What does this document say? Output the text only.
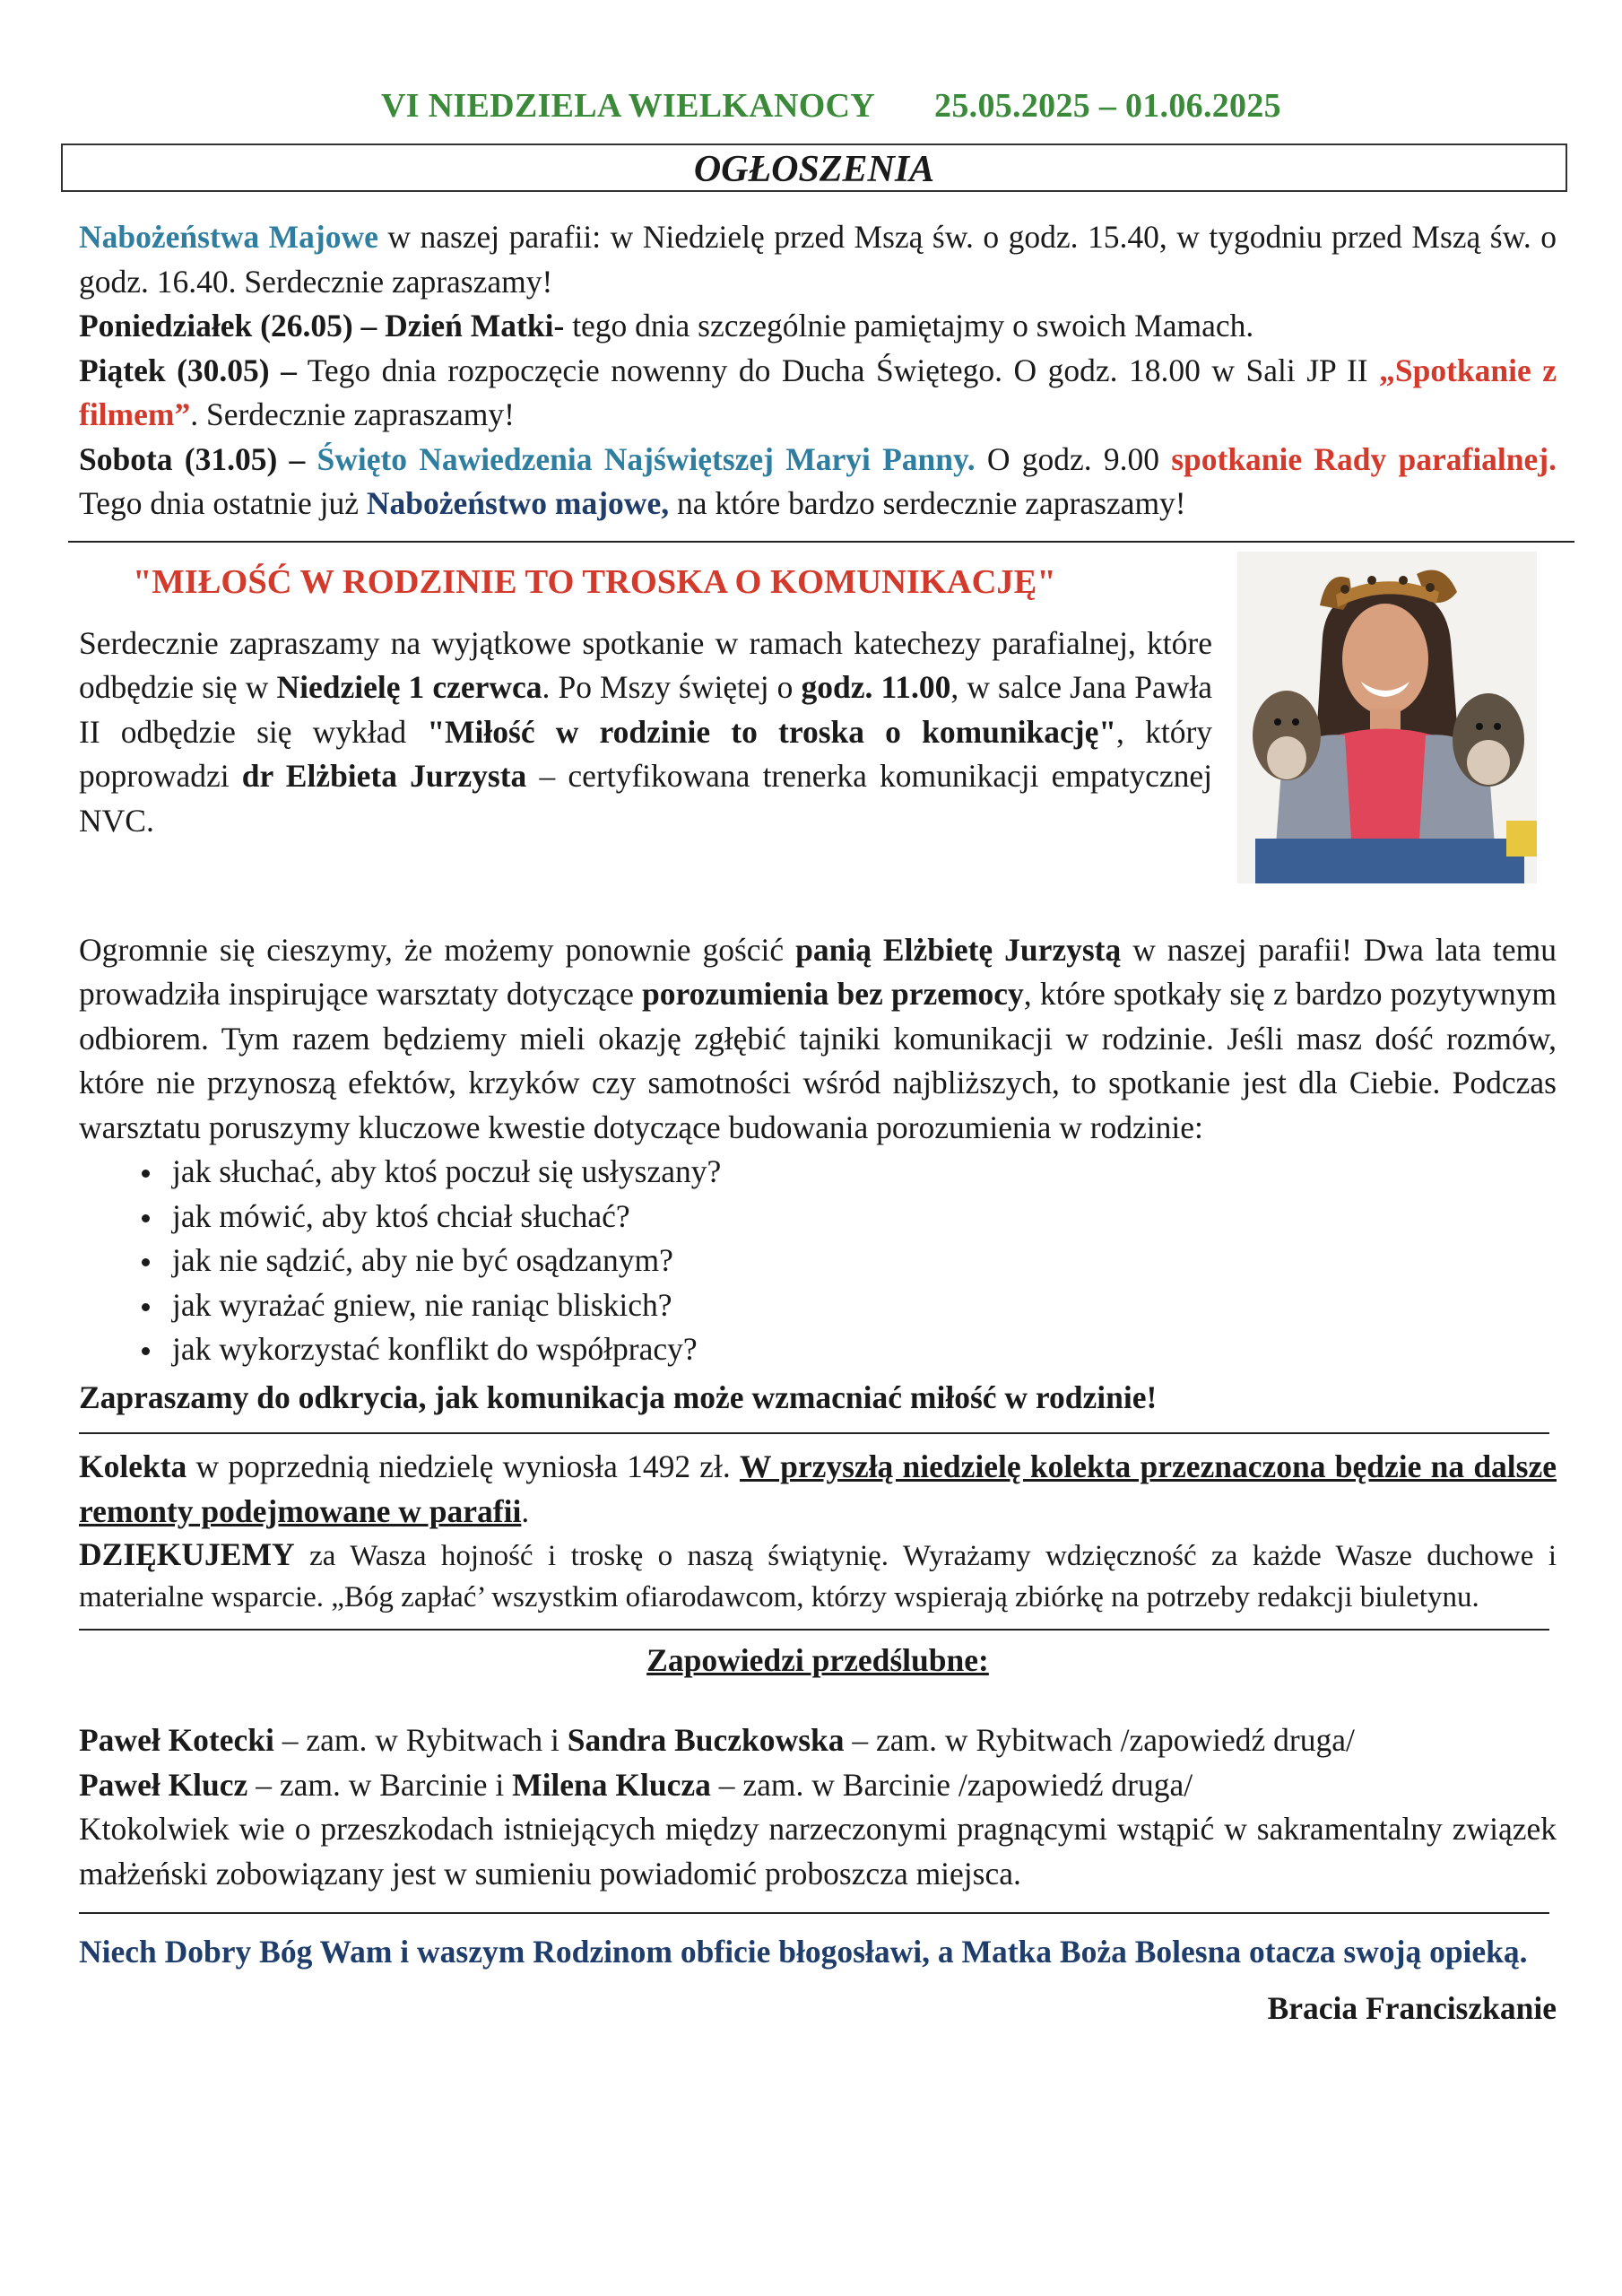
VI NIEDZIELA WIELKANOCY 25.05.2025 – 01.06.2025
OGŁOSZENIA

Nabożeństwa Majowe w naszej parafii: w Niedzielę przed Mszą św. o godz. 15.40, w tygodniu przed Mszą św. o godz. 16.40. Serdecznie zapraszamy!

Poniedziałek (26.05) – Dzień Matki- tego dnia szczególnie pamiętajmy o swoich Mamach.

Piątek (30.05) – Tego dnia rozpoczęcie nowenny do Ducha Świętego. O godz. 18.00 w Sali JP II „Spotkanie z filmem”. Serdecznie zapraszamy!

Sobota (31.05) – Święto Nawiedzenia Najświętszej Maryi Panny. O godz. 9.00 spotkanie Rady parafialnej. Tego dnia ostatnie już Nabożeństwo majowe, na które bardzo serdecznie zapraszamy!

"MIŁOŚĆ W RODZINIE TO TROSKA O KOMUNIKACJĘ"

Serdecznie zapraszamy na wyjątkowe spotkanie w ramach katechezy parafialnej, które odbędzie się w Niedzielę 1 czerwca. Po Mszy świętej o godz. 11.00, w salce Jana Pawła II odbędzie się wykład "Miłość w rodzinie to troska o komunikację", który poprowadzi dr Elżbieta Jurzysta – certyfikowana trenerka komunikacji empatycznej NVC.

Ogromnie się cieszymy, że możemy ponownie gościć panią Elżbietę Jurzystą w naszej parafii! Dwa lata temu prowadziła inspirujące warsztaty dotyczące porozumienia bez przemocy, które spotkały się z bardzo pozytywnym odbiorem. Tym razem będziemy mieli okazję zgłębić tajniki komunikacji w rodzinie. Jeśli masz dość rozmów, które nie przynoszą efektów, krzyków czy samotności wśród najbliższych, to spotkanie jest dla Ciebie. Podczas warsztatu poruszymy kluczowe kwestie dotyczące budowania porozumienia w rodzinie:

jak słuchać, aby ktoś poczuł się usłyszany?
jak mówić, aby ktoś chciał słuchać?
jak nie sądzić, aby nie być osądzanym?
jak wyrażać gniew, nie raniąc bliskich?
jak wykorzystać konflikt do współpracy?

Zapraszamy do odkrycia, jak komunikacja może wzmacniać miłość w rodzinie!

Kolekta w poprzednią niedzielę wyniosła 1492 zł. W przyszłą niedzielę kolekta przeznaczona będzie na dalsze remonty podejmowane w parafii.

DZIĘKUJEMY za Wasza hojność i troskę o naszą świątynię. Wyrażamy wdzięczność za każde Wasze duchowe i materialne wsparcie. „Bóg zapłać’ wszystkim ofiarodawcom, którzy wspierają zbiórkę na potrzeby redakcji biuletynu.

Zapowiedzi przedślubne:

Paweł Kotecki – zam. w Rybitwach i Sandra Buczkowska – zam. w Rybitwach /zapowiedź druga/

Paweł Klucz – zam. w Barcinie i Milena Klucza – zam. w Barcinie /zapowiedź druga/

Ktokolwiek wie o przeszkodach istniejących między narzeczonymi pragnącymi wstąpić w sakramentalny związek małżeński zobowiązany jest w sumieniu powiadomić proboszcza miejsca.

Niech Dobry Bóg Wam i waszym Rodzinom obficie błogosławi, a Matka Boża Bolesna otacza swoją opieką.

Bracia Franciszkanie
